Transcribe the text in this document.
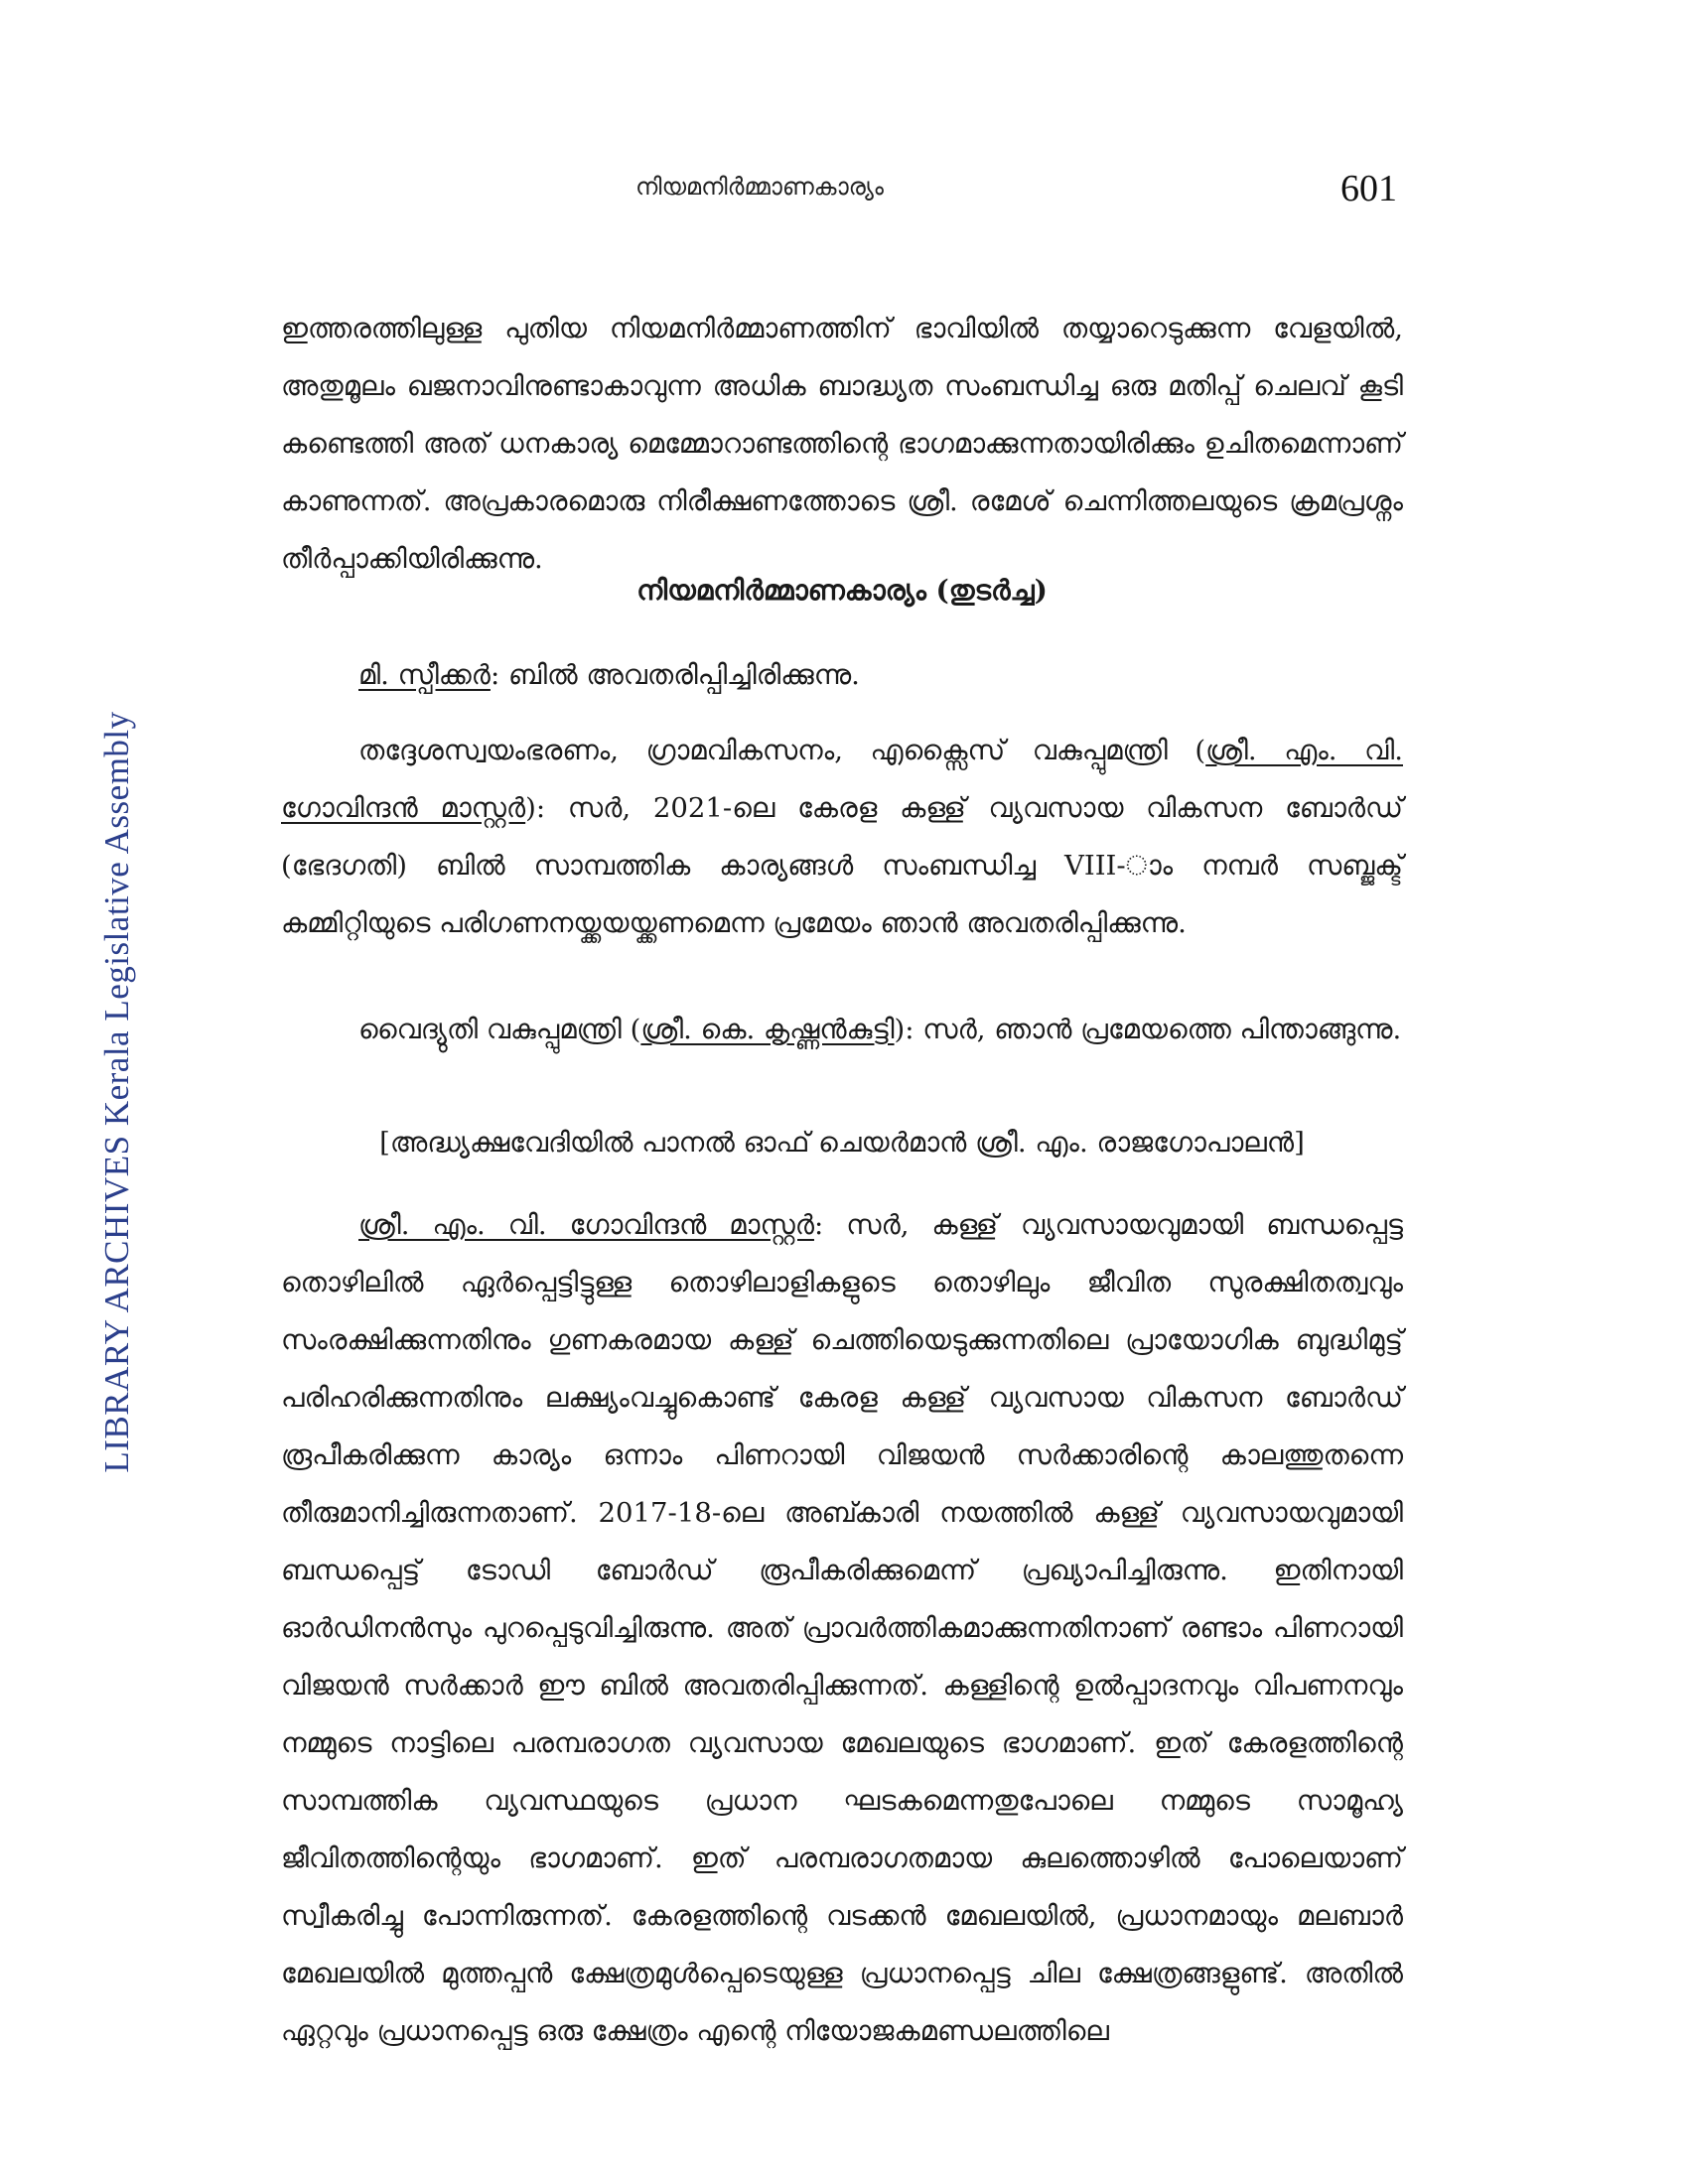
LIBRARY ARCHIVES Kerala Legislative Assembly
നിയമനിർമ്മാണകാര്യം	601

ഇത്തരത്തിലുള്ള പുതിയ നിയമനിർമ്മാണത്തിന് ഭാവിയിൽ തയ്യാറെടുക്കുന്ന വേളയിൽ, അതുമൂലം ഖജനാവിനുണ്ടാകാവുന്ന അധിക ബാദ്ധ്യത സംബന്ധിച്ച ഒരു മതിപ്പ് ചെലവ് കൂടി കണ്ടെത്തി അത് ധനകാര്യ മെമ്മോറാണ്ടത്തിന്റെ ഭാഗമാക്കുന്നതായിരിക്കും ഉചിതമെന്നാണ് കാണുന്നത്. അപ്രകാരമൊരു നിരീക്ഷണത്തോടെ ശ്രീ. രമേശ് ചെന്നിത്തലയുടെ ക്രമപ്രശ്നം തീർപ്പാക്കിയിരിക്കുന്നു.

നിയമനിർമ്മാണകാര്യം (തുടർച്ച)

മി. സ്പീക്കർ: ബിൽ അവതരിപ്പിച്ചിരിക്കുന്നു.

തദ്ദേശസ്വയംഭരണം, ഗ്രാമവികസനം, എക്സൈസ് വകുപ്പുമന്ത്രി (ശ്രീ. എം. വി. ഗോവിന്ദൻ മാസ്റ്റർ): സർ, 2021-ലെ കേരള കള്ള് വ്യവസായ വികസന ബോർഡ് (ഭേദഗതി) ബിൽ സാമ്പത്തിക കാര്യങ്ങൾ സംബന്ധിച്ച VIII-ാം നമ്പർ സബ്ജക്ട് കമ്മിറ്റിയുടെ പരിഗണനയ്ക്കയയ്ക്കണമെന്ന പ്രമേയം ഞാൻ അവതരിപ്പിക്കുന്നു.

വൈദ്യുതി വകുപ്പുമന്ത്രി (ശ്രീ. കെ. കൃഷ്ണൻകുട്ടി): സർ, ഞാൻ പ്രമേയത്തെ പിന്താങ്ങുന്നു.

[അദ്ധ്യക്ഷവേദിയിൽ പാനൽ ഓഫ് ചെയർമാൻ ശ്രീ. എം. രാജഗോപാലൻ]

ശ്രീ. എം. വി. ഗോവിന്ദൻ മാസ്റ്റർ: സർ, കള്ള് വ്യവസായവുമായി ബന്ധപ്പെട്ട തൊഴിലിൽ ഏർപ്പെട്ടിട്ടുള്ള തൊഴിലാളികളുടെ തൊഴിലും ജീവിത സുരക്ഷിതത്വവും സംരക്ഷിക്കുന്നതിനും ഗുണകരമായ കള്ള് ചെത്തിയെടുക്കുന്നതിലെ പ്രായോഗിക ബുദ്ധിമുട്ട് പരിഹരിക്കുന്നതിനും ലക്ഷ്യംവച്ചുകൊണ്ട് കേരള കള്ള് വ്യവസായ വികസന ബോർഡ് രൂപീകരിക്കുന്ന കാര്യം ഒന്നാം പിണറായി വിജയൻ സർക്കാരിന്റെ കാലത്തുതന്നെ തീരുമാനിച്ചിരുന്നതാണ്. 2017-18-ലെ അബ്കാരി നയത്തിൽ കള്ള് വ്യവസായവുമായി ബന്ധപ്പെട്ട് ടോഡി ബോർഡ് രൂപീകരിക്കുമെന്ന് പ്രഖ്യാപിച്ചിരുന്നു. ഇതിനായി ഓർഡിനൻസും പുറപ്പെടുവിച്ചിരുന്നു. അത് പ്രാവർത്തികമാക്കുന്നതിനാണ് രണ്ടാം പിണറായി വിജയൻ സർക്കാർ ഈ ബിൽ അവതരിപ്പിക്കുന്നത്. കള്ളിന്റെ ഉൽപ്പാദനവും വിപണനവും നമ്മുടെ നാട്ടിലെ പരമ്പരാഗത വ്യവസായ മേഖലയുടെ ഭാഗമാണ്. ഇത് കേരളത്തിന്റെ സാമ്പത്തിക വ്യവസ്ഥയുടെ പ്രധാന ഘടകമെന്നതുപോലെ നമ്മുടെ സാമൂഹ്യ ജീവിതത്തിന്റെയും ഭാഗമാണ്. ഇത് പരമ്പരാഗതമായ കുലത്തൊഴിൽ പോലെയാണ് സ്വീകരിച്ചു പോന്നിരുന്നത്. കേരളത്തിന്റെ വടക്കൻ മേഖലയിൽ, പ്രധാനമായും മലബാർ മേഖലയിൽ മുത്തപ്പൻ ക്ഷേത്രമുൾപ്പെടെയുള്ള പ്രധാനപ്പെട്ട ചില ക്ഷേത്രങ്ങളുണ്ട്. അതിൽ ഏറ്റവും പ്രധാനപ്പെട്ട ഒരു ക്ഷേത്രം എന്റെ നിയോജകമണ്ഡലത്തിലെ
